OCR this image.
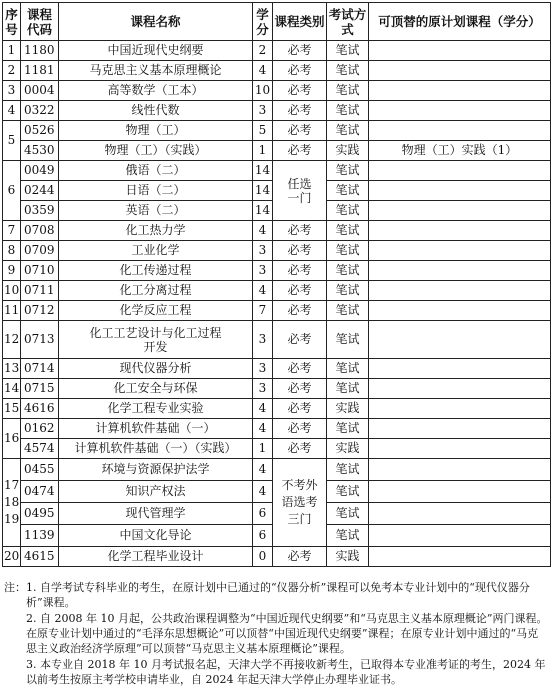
序号	课程代码	课程名称	学分	课程类别	考试方式	可顶替的原计划课程（学分）
1	1180	中国近现代史纲要	2	必考	笔试	
2	1181	马克思主义基本原理概论	4	必考	笔试	
3	0004	高等数学（工本）	10	必考	笔试	
4	0322	线性代数	3	必考	笔试	
5	0526	物理（工）	5	必考	笔试	
	4530	物理（工）（实践）	1	必考	实践	物理（工）实践（1）
6	0049	俄语（二）	14	任选一门	笔试	
	0244	日语（二）	14		笔试	
	0359	英语（二）	14		笔试	
7	0708	化工热力学	4	必考	笔试	
8	0709	工业化学	3	必考	笔试	
9	0710	化工传递过程	3	必考	笔试	
10	0711	化工分离过程	4	必考	笔试	
11	0712	化学反应工程	7	必考	笔试	
12	0713	化工工艺设计与化工过程开发	3	必考	笔试	
13	0714	现代仪器分析	3	必考	笔试	
14	0715	化工安全与环保	3	必考	笔试	
15	4616	化学工程专业实验	4	必考	实践	
16	0162	计算机软件基础（一）	4	必考	笔试	
	4574	计算机软件基础（一）（实践）	1	必考	实践	
17 18 19	0455	环境与资源保护法学	4	不考外语选考三门	笔试	
	0474	知识产权法	4		笔试	
	0495	现代管理学	6		笔试	
	1139	中国文化导论	6		笔试	
20	4615	化学工程毕业设计	0	必考	实践	
注： 1. 自学考试专科毕业的考生，在原计划中已通过的“仪器分析”课程可以免考本专业计划中的“现代仪器分析”课程。
2. 自 2008 年 10 月起，公共政治课程调整为“中国近现代史纲要”和“马克思主义基本原理概论”两门课程。在原专业计划中通过的“毛泽东思想概论”可以顶替“中国近现代史纲要”课程；在原专业计划中通过的“马克思主义政治经济学原理”可以顶替“马克思主义基本原理概论”课程。
3. 本专业自 2018 年 10 月考试报名起，天津大学不再接收新考生，已取得本专业准考证的考生，2024 年以前考生按原主考学校申请毕业，自 2024 年起天津大学停止办理毕业证书。
